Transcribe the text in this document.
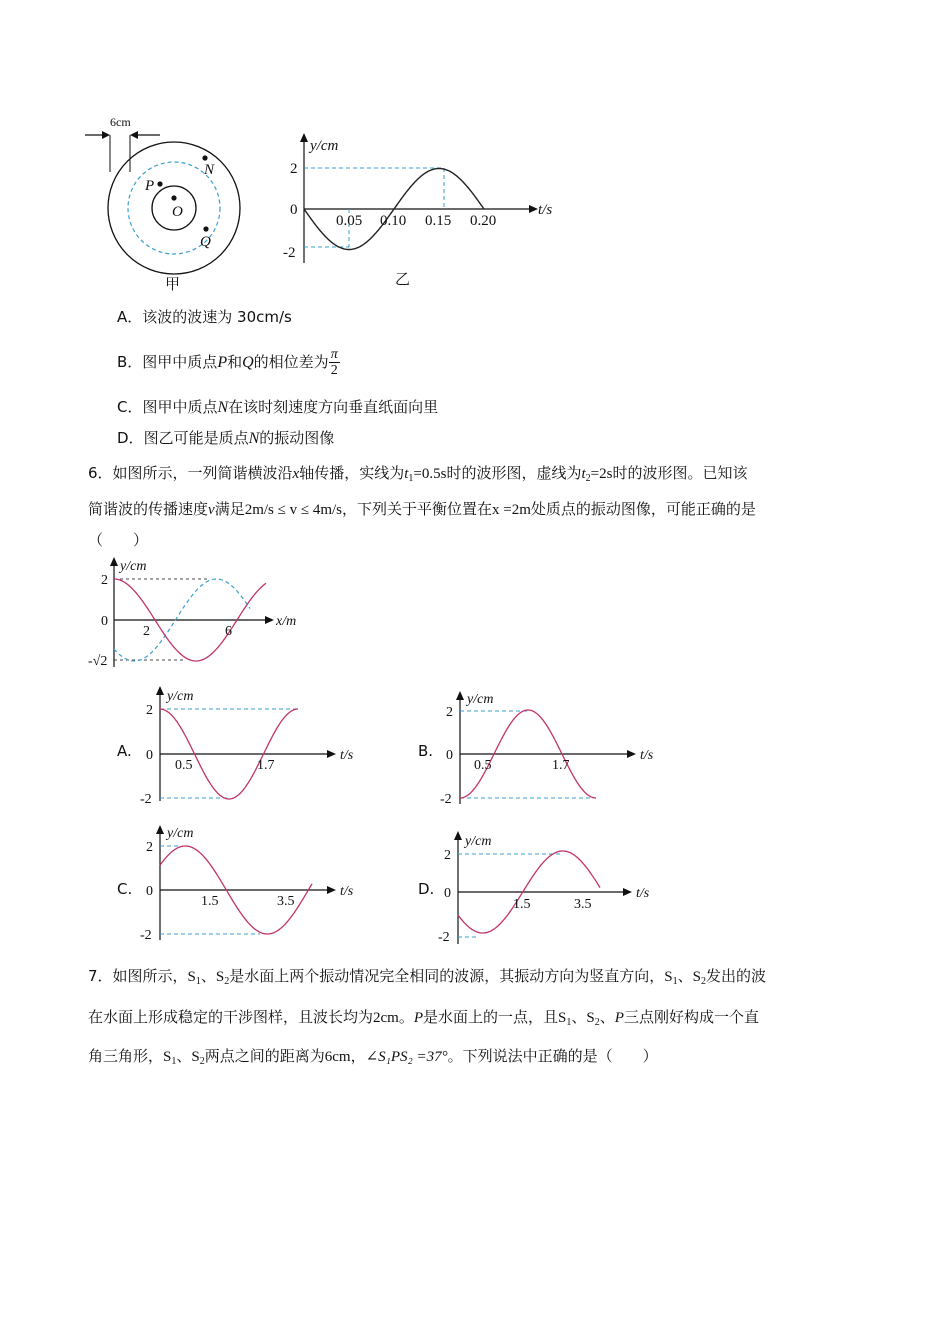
6cm
N
P
O
Q
甲
y/cm
t/s
2
0
-2
0.05 0.10 0.15 0.20
乙
A．该波的波速为 30cm/s
B．图甲中质点P和Q的相位差为 $\frac{\pi}{2}$
C．图甲中质点N在该时刻速度方向垂直纸面向里
D．图乙可能是质点N的振动图像
6．如图所示，一列简谐横波沿x轴传播，实线为$t_1=0.5s$时的波形图，虚线为$t_2=2s$时的波形图。已知该
简谐波的传播速度v满足2m/s ≤ v ≤ 4m/s，下列关于平衡位置在x =2m处质点的振动图像，可能正确的是
（　　）
y/cm
x/m
2
0
-√2
2	6
A.	B.
C.	D.
y/cm
t/s
2
0
-2
0.5	1.7
y/cm
t/s
2
0
-2
0.5	1.7
y/cm
t/s
2
0
-2
1.5	3.5
y/cm
t/s
2
0
-2
1.5	3.5
7．如图所示，$S_1$、$S_2$是水面上两个振动情况完全相同的波源，其振动方向为竖直方向，$S_1$、$S_2$发出的波
在水面上形成稳定的干涉图样，且波长均为2cm。P是水面上的一点，且$S_1$、$S_2$、P三点刚好构成一个直
角三角形，$S_1$、$S_2$两点之间的距离为6cm，∠S₁PS₂ =37°。下列说法中正确的是（　　）
